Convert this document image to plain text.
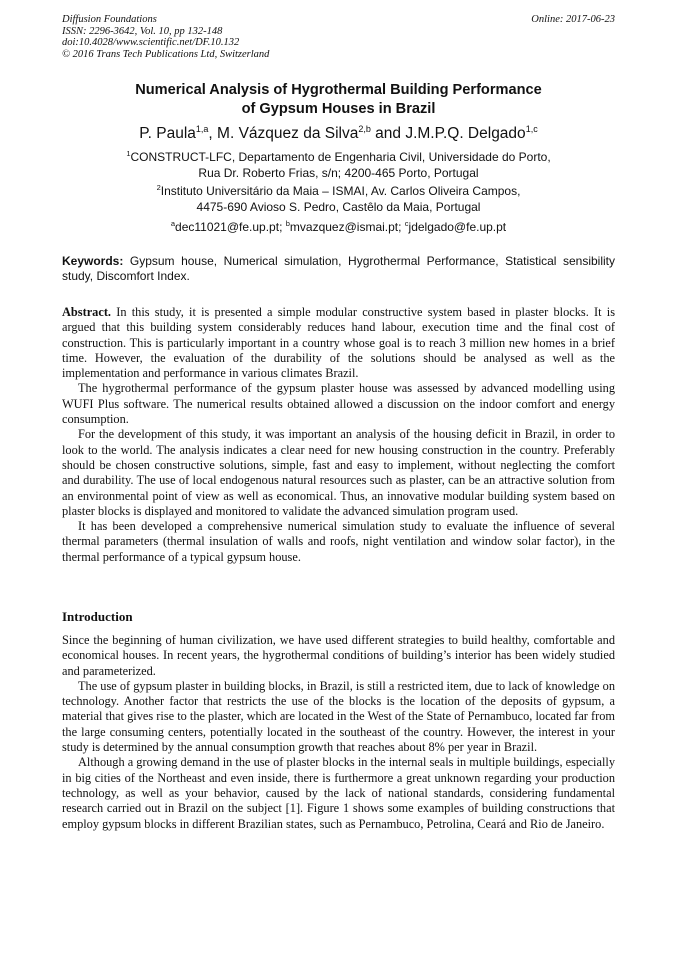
Diffusion Foundations
ISSN: 2296-3642, Vol. 10, pp 132-148
doi:10.4028/www.scientific.net/DF.10.132
© 2016 Trans Tech Publications Ltd, Switzerland
Online: 2017-06-23
Numerical Analysis of Hygrothermal Building Performance
of Gypsum Houses in Brazil
P. Paula$^{1,a}$, M. Vázquez da Silva$^{2,b}$ and J.M.P.Q. Delgado$^{1,c}$
$^1$CONSTRUCT-LFC, Departamento de Engenharia Civil, Universidade do Porto,
Rua Dr. Roberto Frias, s/n; 4200-465 Porto, Portugal
$^2$Instituto Universitário da Maia – ISMAI, Av. Carlos Oliveira Campos,
4475-690 Avioso S. Pedro, Castêlo da Maia, Portugal
$^a$dec11021@fe.up.pt; $^b$mvazquez@ismai.pt; $^c$jdelgado@fe.up.pt
Keywords: Gypsum house, Numerical simulation, Hygrothermal Performance, Statistical sensibility study, Discomfort Index.

Abstract. In this study, it is presented a simple modular constructive system based in plaster blocks. It is argued that this building system considerably reduces hand labour, execution time and the final cost of construction. This is particularly important in a country whose goal is to reach 3 million new homes in a brief time. However, the evaluation of the durability of the solutions should be analysed as well as the implementation and performance in various climates Brazil.

The hygrothermal performance of the gypsum plaster house was assessed by advanced modelling using WUFI Plus software. The numerical results obtained allowed a discussion on the indoor comfort and energy consumption.

For the development of this study, it was important an analysis of the housing deficit in Brazil, in order to look to the world. The analysis indicates a clear need for new housing construction in the country. Preferably should be chosen constructive solutions, simple, fast and easy to implement, without neglecting the comfort and durability. The use of local endogenous natural resources such as plaster, can be an attractive solution from an environmental point of view as well as economical. Thus, an innovative modular building system based on plaster blocks is displayed and monitored to validate the advanced simulation program used.

It has been developed a comprehensive numerical simulation study to evaluate the influence of several thermal parameters (thermal insulation of walls and roofs, night ventilation and window solar factor), in the thermal performance of a typical gypsum house.

Introduction

Since the beginning of human civilization, we have used different strategies to build healthy, comfortable and economical houses. In recent years, the hygrothermal conditions of building’s interior has been widely studied and parameterized.

The use of gypsum plaster in building blocks, in Brazil, is still a restricted item, due to lack of knowledge on technology. Another factor that restricts the use of the blocks is the location of the deposits of gypsum, a material that gives rise to the plaster, which are located in the West of the State of Pernambuco, located far from the large consuming centers, potentially located in the southeast of the country. However, the interest in your study is determined by the annual consumption growth that reaches about 8% per year in Brazil.

Although a growing demand in the use of plaster blocks in the internal seals in multiple buildings, especially in big cities of the Northeast and even inside, there is furthermore a great unknown regarding your production technology, as well as your behavior, caused by the lack of national standards, considering fundamental research carried out in Brazil on the subject [1]. Figure 1 shows some examples of building constructions that employ gypsum blocks in different Brazilian states, such as Pernambuco, Petrolina, Ceará and Rio de Janeiro.
